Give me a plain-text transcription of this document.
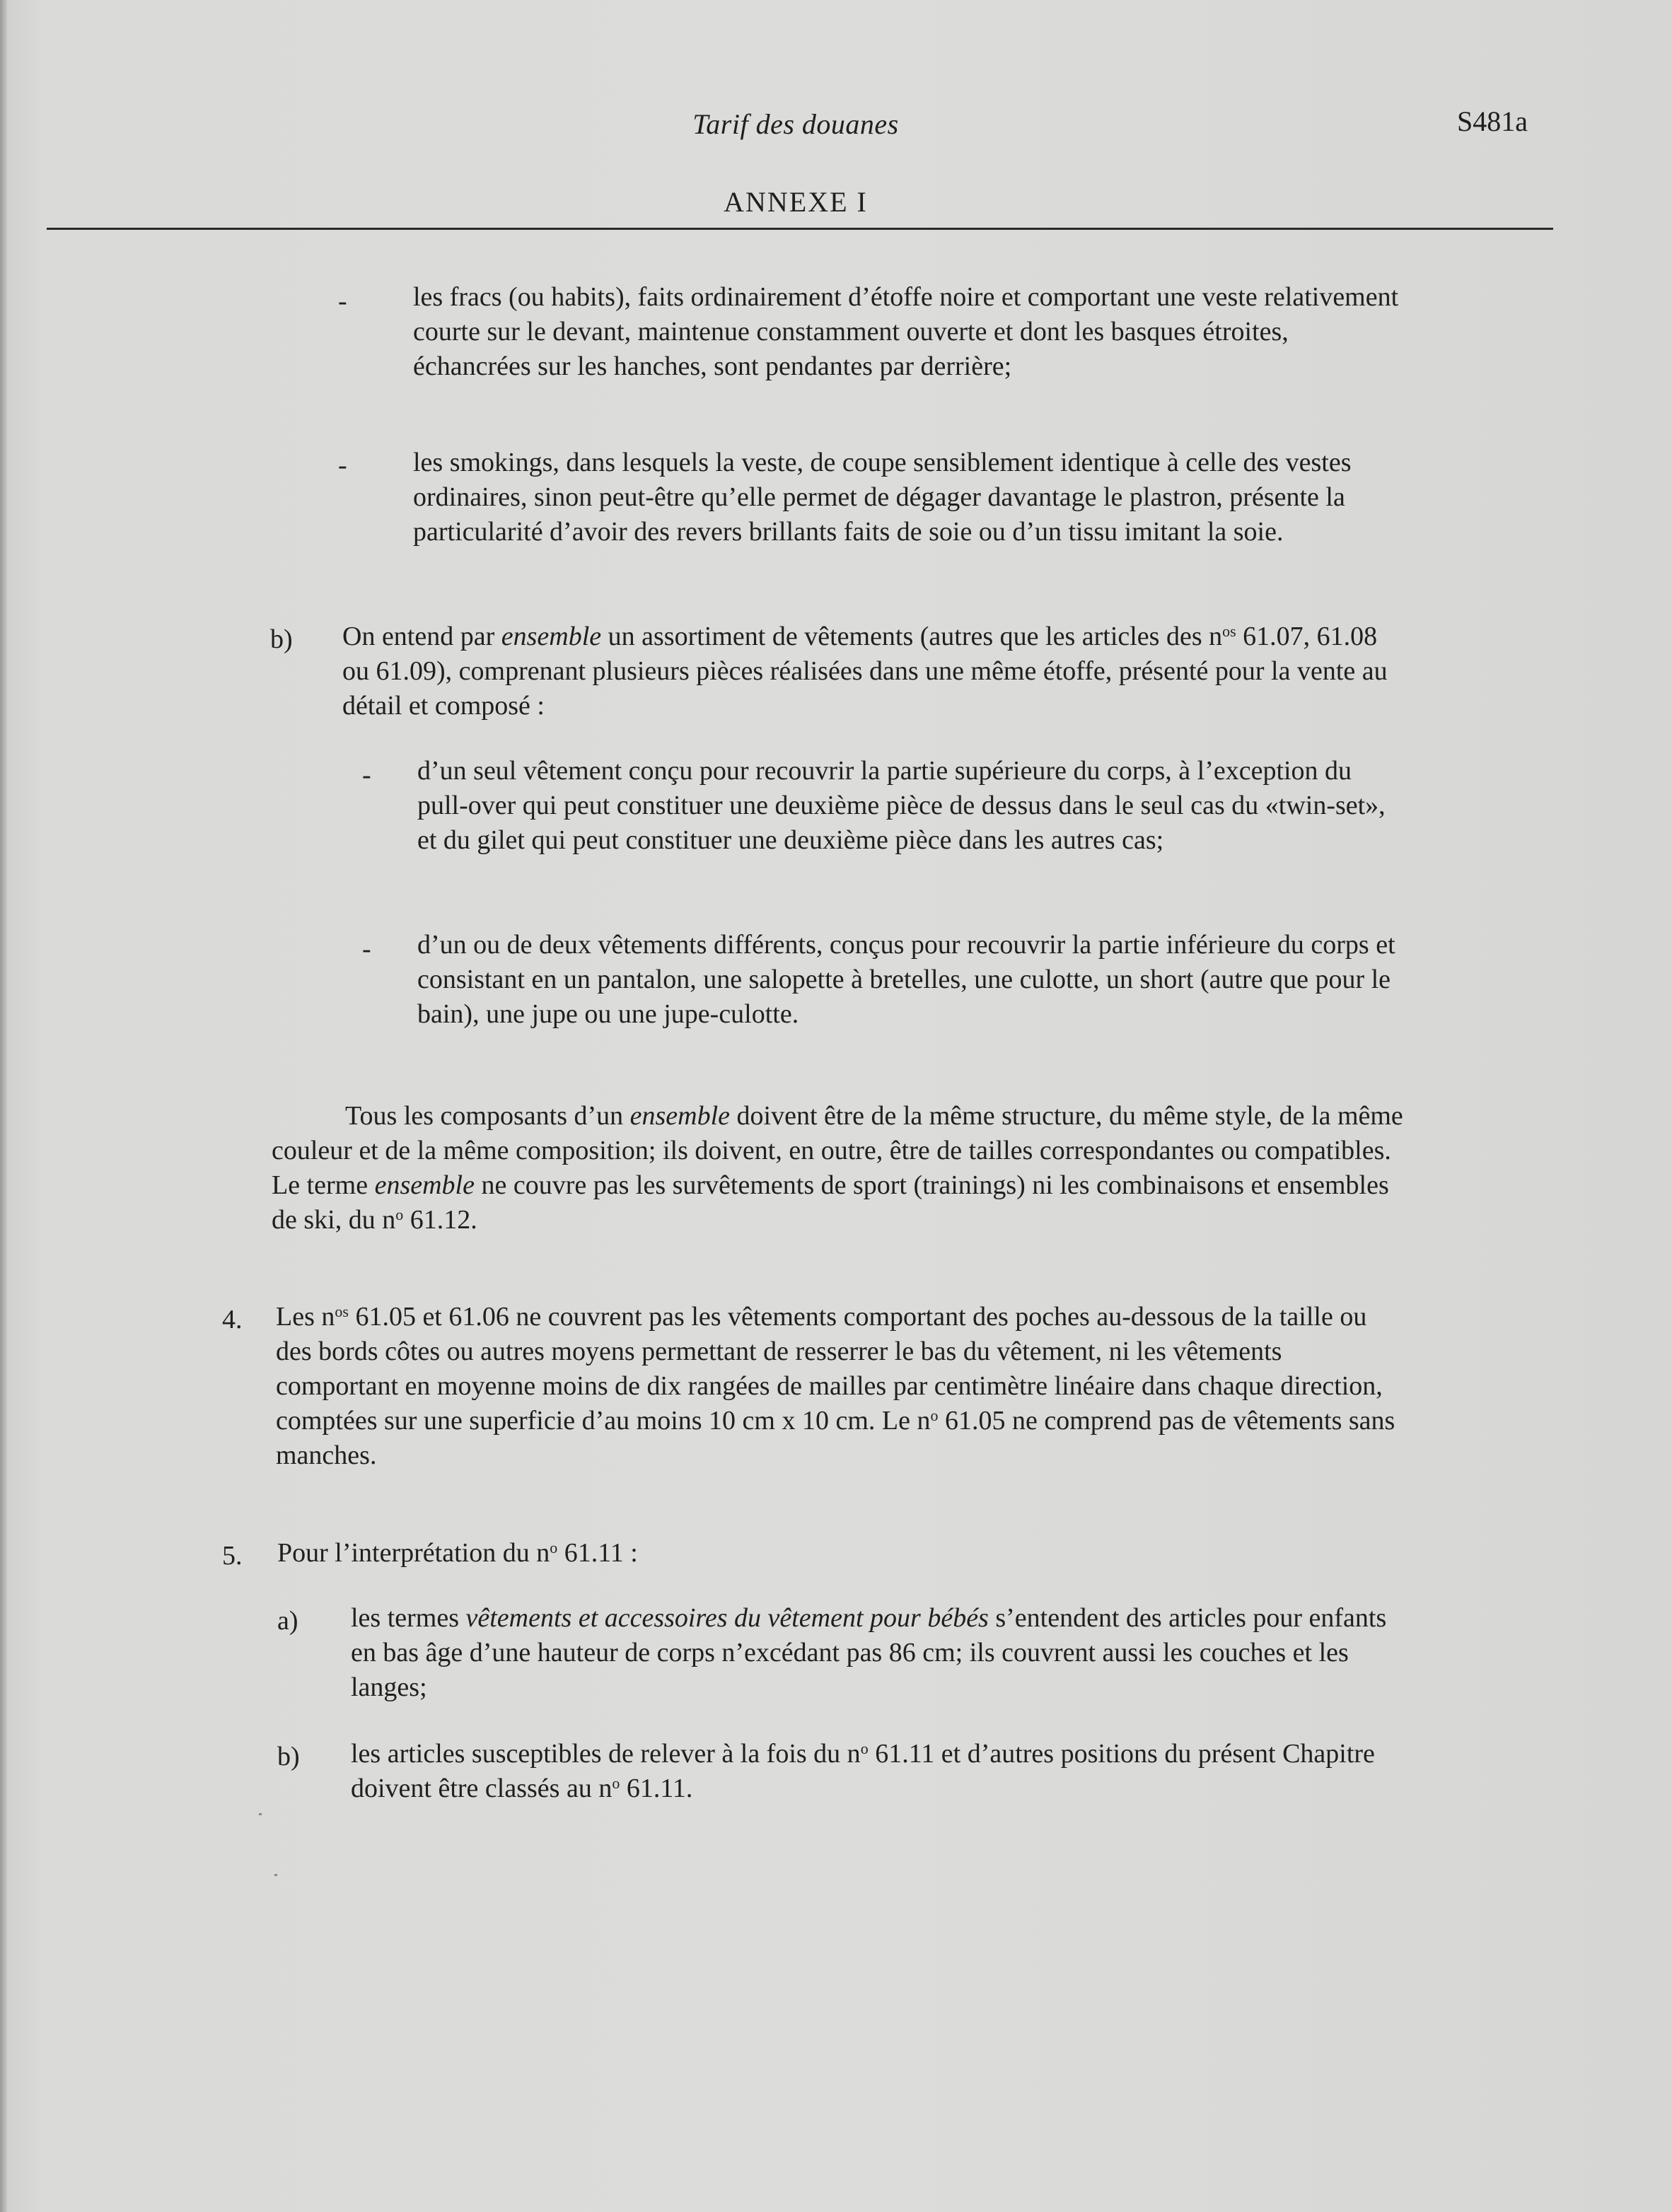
Tarif des douanes	S481a
ANNEXE I
- les fracs (ou habits), faits ordinairement d’étoffe noire et comportant une veste relativement courte sur le devant, maintenue constamment ouverte et dont les basques étroites, échancrées sur les hanches, sont pendantes par derrière;
- les smokings, dans lesquels la veste, de coupe sensiblement identique à celle des vestes ordinaires, sinon peut-être qu’elle permet de dégager davantage le plastron, présente la particularité d’avoir des revers brillants faits de soie ou d’un tissu imitant la soie.
b) On entend par ensemble un assortiment de vêtements (autres que les articles des $n^{os}$ 61.07, 61.08 ou 61.09), comprenant plusieurs pièces réalisées dans une même étoffe, présenté pour la vente au détail et composé :
- d’un seul vêtement conçu pour recouvrir la partie supérieure du corps, à l’exception du pull-over qui peut constituer une deuxième pièce de dessus dans le seul cas du «twin-set», et du gilet qui peut constituer une deuxième pièce dans les autres cas;
- d’un ou de deux vêtements différents, conçus pour recouvrir la partie inférieure du corps et consistant en un pantalon, une salopette à bretelles, une culotte, un short (autre que pour le bain), une jupe ou une jupe-culotte.
Tous les composants d’un ensemble doivent être de la même structure, du même style, de la même couleur et de la même composition; ils doivent, en outre, être de tailles correspondantes ou compatibles. Le terme ensemble ne couvre pas les survêtements de sport (trainings) ni les combinaisons et ensembles de ski, du $n^o$ 61.12.
4. Les $n^{os}$ 61.05 et 61.06 ne couvrent pas les vêtements comportant des poches au-dessous de la taille ou des bords côtes ou autres moyens permettant de resserrer le bas du vêtement, ni les vêtements comportant en moyenne moins de dix rangées de mailles par centimètre linéaire dans chaque direction, comptées sur une superficie d’au moins 10 cm x 10 cm. Le $n^o$ 61.05 ne comprend pas de vêtements sans manches.
5. Pour l’interprétation du $n^o$ 61.11 :
a) les termes vêtements et accessoires du vêtement pour bébés s’entendent des articles pour enfants en bas âge d’une hauteur de corps n’excédant pas 86 cm; ils couvrent aussi les couches et les langes;
b) les articles susceptibles de relever à la fois du $n^o$ 61.11 et d’autres positions du présent Chapitre doivent être classés au $n^o$ 61.11.
